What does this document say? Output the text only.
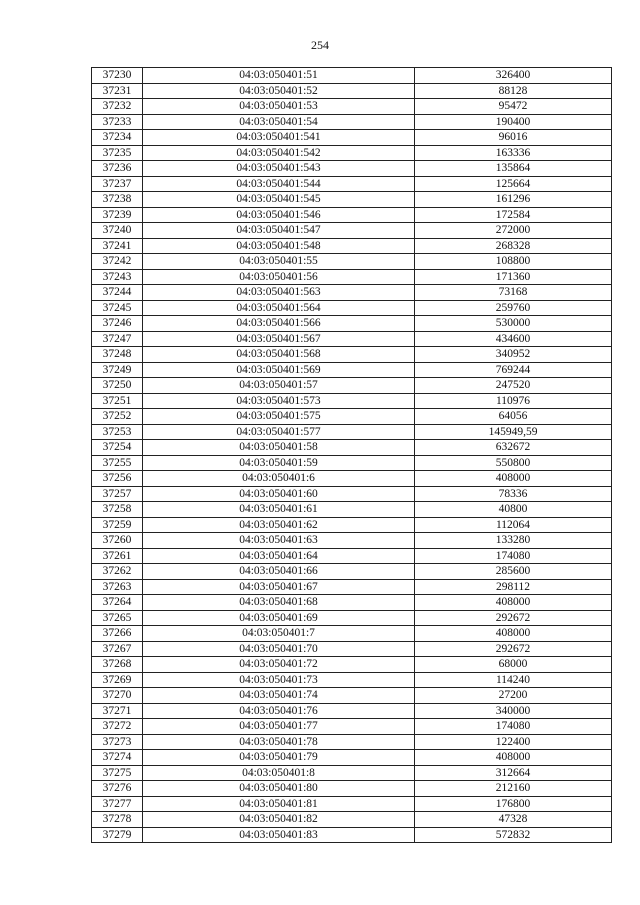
254
37230	04:03:050401:51	326400
37231	04:03:050401:52	88128
37232	04:03:050401:53	95472
37233	04:03:050401:54	190400
37234	04:03:050401:541	96016
37235	04:03:050401:542	163336
37236	04:03:050401:543	135864
37237	04:03:050401:544	125664
37238	04:03:050401:545	161296
37239	04:03:050401:546	172584
37240	04:03:050401:547	272000
37241	04:03:050401:548	268328
37242	04:03:050401:55	108800
37243	04:03:050401:56	171360
37244	04:03:050401:563	73168
37245	04:03:050401:564	259760
37246	04:03:050401:566	530000
37247	04:03:050401:567	434600
37248	04:03:050401:568	340952
37249	04:03:050401:569	769244
37250	04:03:050401:57	247520
37251	04:03:050401:573	110976
37252	04:03:050401:575	64056
37253	04:03:050401:577	145949,59
37254	04:03:050401:58	632672
37255	04:03:050401:59	550800
37256	04:03:050401:6	408000
37257	04:03:050401:60	78336
37258	04:03:050401:61	40800
37259	04:03:050401:62	112064
37260	04:03:050401:63	133280
37261	04:03:050401:64	174080
37262	04:03:050401:66	285600
37263	04:03:050401:67	298112
37264	04:03:050401:68	408000
37265	04:03:050401:69	292672
37266	04:03:050401:7	408000
37267	04:03:050401:70	292672
37268	04:03:050401:72	68000
37269	04:03:050401:73	114240
37270	04:03:050401:74	27200
37271	04:03:050401:76	340000
37272	04:03:050401:77	174080
37273	04:03:050401:78	122400
37274	04:03:050401:79	408000
37275	04:03:050401:8	312664
37276	04:03:050401:80	212160
37277	04:03:050401:81	176800
37278	04:03:050401:82	47328
37279	04:03:050401:83	572832
